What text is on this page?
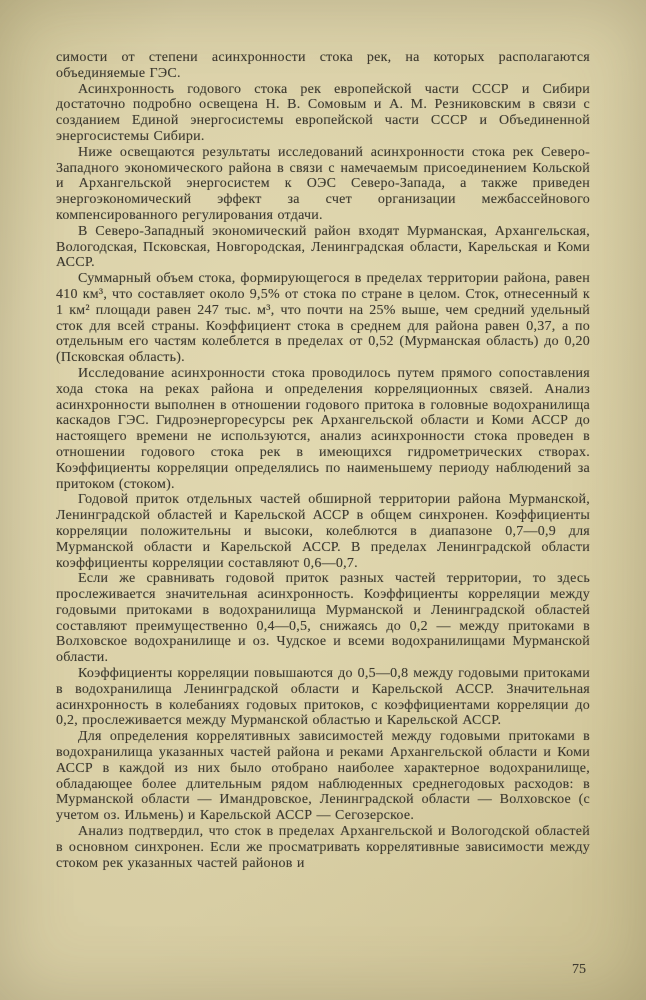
симости от степени асинхронности стока рек, на которых располагаются объединяемые ГЭС.

Асинхронность годового стока рек европейской части СССР и Сибири достаточно подробно освещена Н. В. Сомовым и А. М. Резниковским в связи с созданием Единой энергосистемы европейской части СССР и Объединенной энергосистемы Сибири.

Ниже освещаются результаты исследований асинхронности стока рек Северо-Западного экономического района в связи с намечаемым присоединением Кольской и Архангельской энергосистем к ОЭС Северо-Запада, а также приведен энергоэкономический эффект за счет организации межбассейнового компенсированного регулирования отдачи.

В Северо-Западный экономический район входят Мурманская, Архангельская, Вологодская, Псковская, Новгородская, Ленинградская области, Карельская и Коми АССР.

Суммарный объем стока, формирующегося в пределах территории района, равен 410 км³, что составляет около 9,5% от стока по стране в целом. Сток, отнесенный к 1 км² площади равен 247 тыс. м³, что почти на 25% выше, чем средний удельный сток для всей страны. Коэффициент стока в среднем для района равен 0,37, а по отдельным его частям колеблется в пределах от 0,52 (Мурманская область) до 0,20 (Псковская область).

Исследование асинхронности стока проводилось путем прямого сопоставления хода стока на реках района и определения корреляционных связей. Анализ асинхронности выполнен в отношении годового притока в головные водохранилища каскадов ГЭС. Гидроэнергоресурсы рек Архангельской области и Коми АССР до настоящего времени не используются, анализ асинхронности стока проведен в отношении годового стока рек в имеющихся гидрометрических створах. Коэффициенты корреляции определялись по наименьшему периоду наблюдений за притоком (стоком).

Годовой приток отдельных частей обширной территории района Мурманской, Ленинградской областей и Карельской АССР в общем синхронен. Коэффициенты корреляции положительны и высоки, колеблются в диапазоне 0,7—0,9 для Мурманской области и Карельской АССР. В пределах Ленинградской области коэффициенты корреляции составляют 0,6—0,7.

Если же сравнивать годовой приток разных частей территории, то здесь прослеживается значительная асинхронность. Коэффициенты корреляции между годовыми притоками в водохранилища Мурманской и Ленинградской областей составляют преимущественно 0,4—0,5, снижаясь до 0,2 — между притоками в Волховское водохранилище и оз. Чудское и всеми водохранилищами Мурманской области.

Коэффициенты корреляции повышаются до 0,5—0,8 между годовыми притоками в водохранилища Ленинградской области и Карельской АССР. Значительная асинхронность в колебаниях годовых притоков, с коэффициентами корреляции до 0,2, прослеживается между Мурманской областью и Карельской АССР.

Для определения коррелятивных зависимостей между годовыми притоками в водохранилища указанных частей района и реками Архангельской области и Коми АССР в каждой из них было отобрано наиболее характерное водохранилище, обладающее более длительным рядом наблюденных среднегодовых расходов: в Мурманской области — Имандровское, Ленинградской области — Волховское (с учетом оз. Ильмень) и Карельской АССР — Сегозерское.

Анализ подтвердил, что сток в пределах Архангельской и Вологодской областей в основном синхронен. Если же просматривать коррелятивные зависимости между стоком рек указанных частей районов и

75
